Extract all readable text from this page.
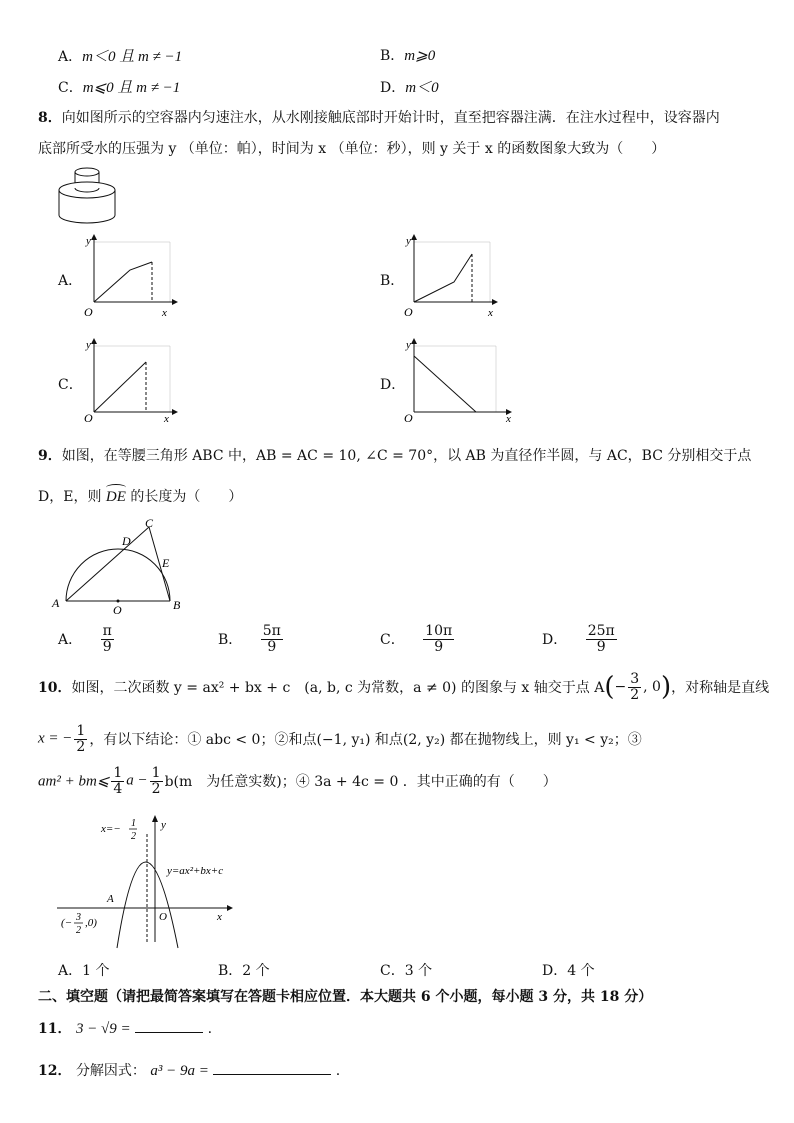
A．m＜0 且 m ≠ −1	B．m⩾0
C．m⩽0 且 m ≠ −1	D．m＜0
8．向如图所示的空容器内匀速注水，从水刚接触底部时开始计时，直至把容器注满．在注水过程中，设容器内
底部所受水的压强为 y （单位：帕），时间为 x （单位：秒），则 y 关于 x 的函数图象大致为（　　）
A．	B．
C．	D．
y
O	x
y
O	x
y
O	x
y
O	x
9．如图，在等腰三角形 ABC 中，AB = AC = 10, ∠C = 70°，以 AB 为直径作半圆，与 AC，BC 分别相交于点
D，E，则
DE 的长度为（　　）
A	B
C
D
E
O
A． $\frac{\pi}{9}$	B． $\frac{5\pi}{9}$	C． $\frac{10\pi}{9}$	D． $\frac{25\pi}{9}$
10．如图，二次函数 y = ax² + bx + c　(a, b, c 为常数，a ≠ 0) 的图象与 x 轴交于点 $A(- \frac{3}{2}$ , 0)，对称轴是直线
x = − $\frac{1}{2}$ ，有以下结论：① abc < 0；②和点(−1, y₁) 和点(2, y₂) 都在抛物线上，则 y₁ < y₂；③
am² + bm⩽ $\frac{1}{4}$ $a - \frac{1}{2} b(m$　为任意实数)；④ 3a + 4c = 0 ．其中正确的有（　　）
x=− 1
2
y
x
O
A
y=ax²+bx+c
(− 3
2
,0)
A．1 个	B．2 个	C．3 个	D．4 个
二、填空题（请把最简答案填写在答题卡相应位置．本大题共 6 个小题，每小题 3 分，共 18 分）
11． 3 − √9 =	.
12． 分解因式： a³ − 9a =	.
